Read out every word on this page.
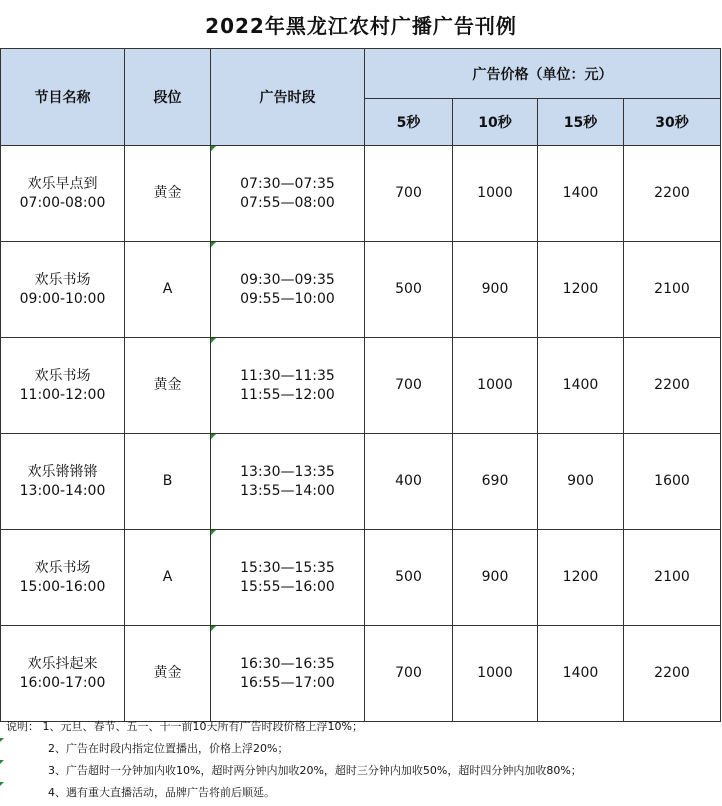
2022年黑龙江农村广播广告刊例
节目名称	段位	广告时段	广告价格（单位：元）			
			5秒	10秒	15秒	30秒

欢乐早点到
07:00-08:00	黄金	07:30—07:35
07:55—08:00	700	1000	1400	2200

欢乐书场
09:00-10:00	A	09:30—09:35
09:55—10:00	500	900	1200	2100

欢乐书场
11:00-12:00	黄金	11:30—11:35
11:55—12:00	700	1000	1400	2200

欢乐锵锵锵
13:00-14:00	B	13:30—13:35
13:55—14:00	400	690	900	1600

欢乐书场
15:00-16:00	A	15:30—15:35
15:55—16:00	500	900	1200	2100

欢乐抖起来
16:00-17:00	黄金	16:30—16:35
16:55—17:00	700	1000	1400	2200
说明： 1、元旦、春节、五一、十一前10天所有广告时段价格上浮10%；
2、广告在时段内指定位置播出，价格上浮20%；
3、广告超时一分钟加内收10%，超时两分钟内加收20%，超时三分钟内加收50%，超时四分钟内加收80%；
4、遇有重大直播活动，品牌广告将前后顺延。
